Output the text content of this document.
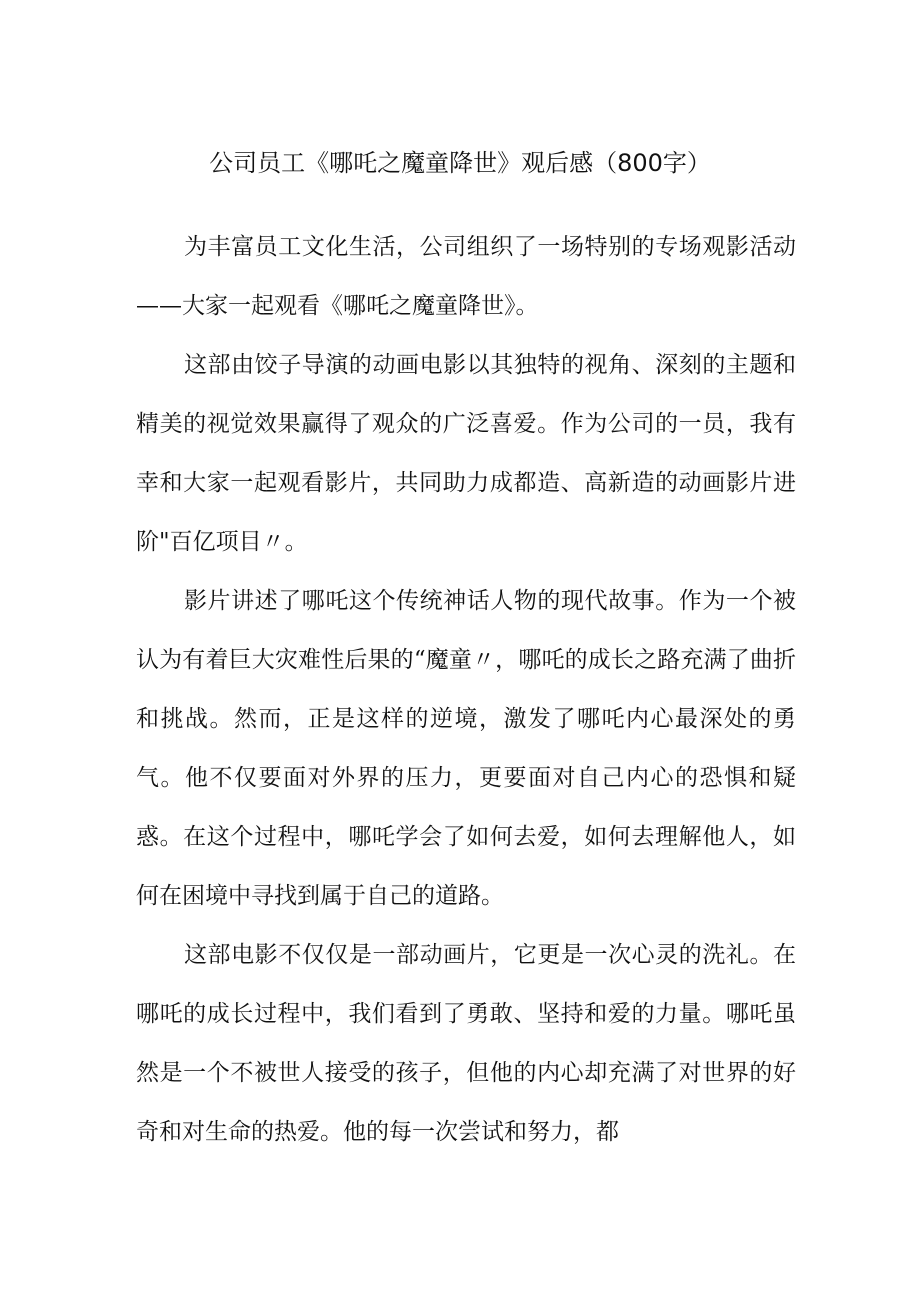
公司员工《哪吒之魔童降世》观后感（800字）

为丰富员工文化生活，公司组织了一场特别的专场观影活动——大家一起观看《哪吒之魔童降世》。

这部由饺子导演的动画电影以其独特的视角、深刻的主题和精美的视觉效果赢得了观众的广泛喜爱。作为公司的一员，我有幸和大家一起观看影片，共同助力成都造、高新造的动画影片进阶"百亿项目〃。

影片讲述了哪吒这个传统神话人物的现代故事。作为一个被认为有着巨大灾难性后果的“魔童〃，哪吒的成长之路充满了曲折和挑战。然而，正是这样的逆境，激发了哪吒内心最深处的勇气。他不仅要面对外界的压力，更要面对自己内心的恐惧和疑惑。在这个过程中，哪吒学会了如何去爱，如何去理解他人，如何在困境中寻找到属于自己的道路。

这部电影不仅仅是一部动画片，它更是一次心灵的洗礼。在哪吒的成长过程中，我们看到了勇敢、坚持和爱的力量。哪吒虽然是一个不被世人接受的孩子，但他的内心却充满了对世界的好奇和对生命的热爱。他的每一次尝试和努力，都
